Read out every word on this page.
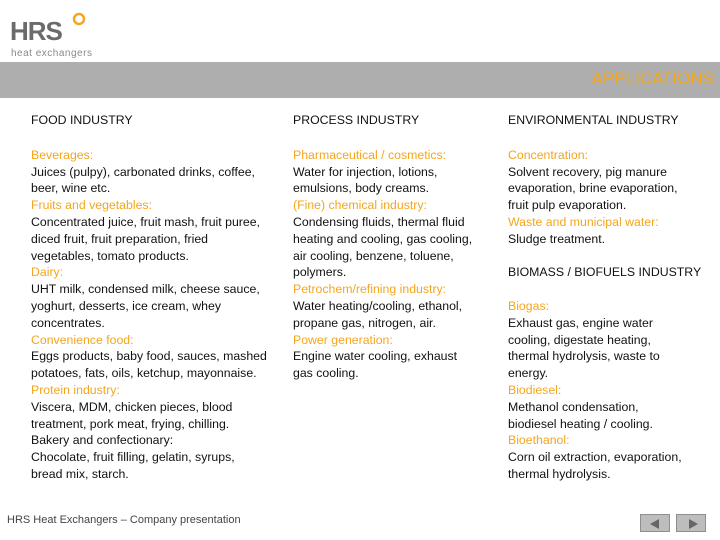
HRS
heat exchangers
APPLICATIONS
FOOD INDUSTRY
Beverages:
Juices (pulpy), carbonated drinks, coffee,
beer, wine etc.
Fruits and vegetables:
Concentrated juice, fruit mash, fruit puree,
diced fruit, fruit preparation, fried
vegetables, tomato products.
Dairy:
UHT milk, condensed milk, cheese sauce,
yoghurt, desserts, ice cream, whey
concentrates.
Convenience food:
Eggs products, baby food, sauces, mashed
potatoes, fats, oils, ketchup, mayonnaise.
Protein industry:
Viscera, MDM, chicken pieces, blood
treatment, pork meat, frying, chilling.
Bakery and confectionary:
Chocolate, fruit filling, gelatin, syrups,
bread mix, starch.
PROCESS INDUSTRY
Pharmaceutical / cosmetics:
Water for injection, lotions,
emulsions, body creams.
(Fine) chemical industry:
Condensing fluids, thermal fluid
heating and cooling, gas cooling,
air cooling, benzene, toluene,
polymers.
Petrochem/refining industry:
Water heating/cooling, ethanol,
propane gas, nitrogen, air.
Power generation:
Engine water cooling, exhaust
gas cooling.
ENVIRONMENTAL INDUSTRY
Concentration:
Solvent recovery, pig manure
evaporation, brine evaporation,
fruit pulp evaporation.
Waste and municipal water:
Sludge treatment.
BIOMASS / BIOFUELS INDUSTRY
Biogas:
Exhaust gas, engine water
cooling, digestate heating,
thermal hydrolysis, waste to
energy.
Biodiesel:
Methanol condensation,
biodiesel heating / cooling.
Bioethanol:
Corn oil extraction, evaporation,
thermal hydrolysis.
HRS Heat Exchangers – Company presentation
